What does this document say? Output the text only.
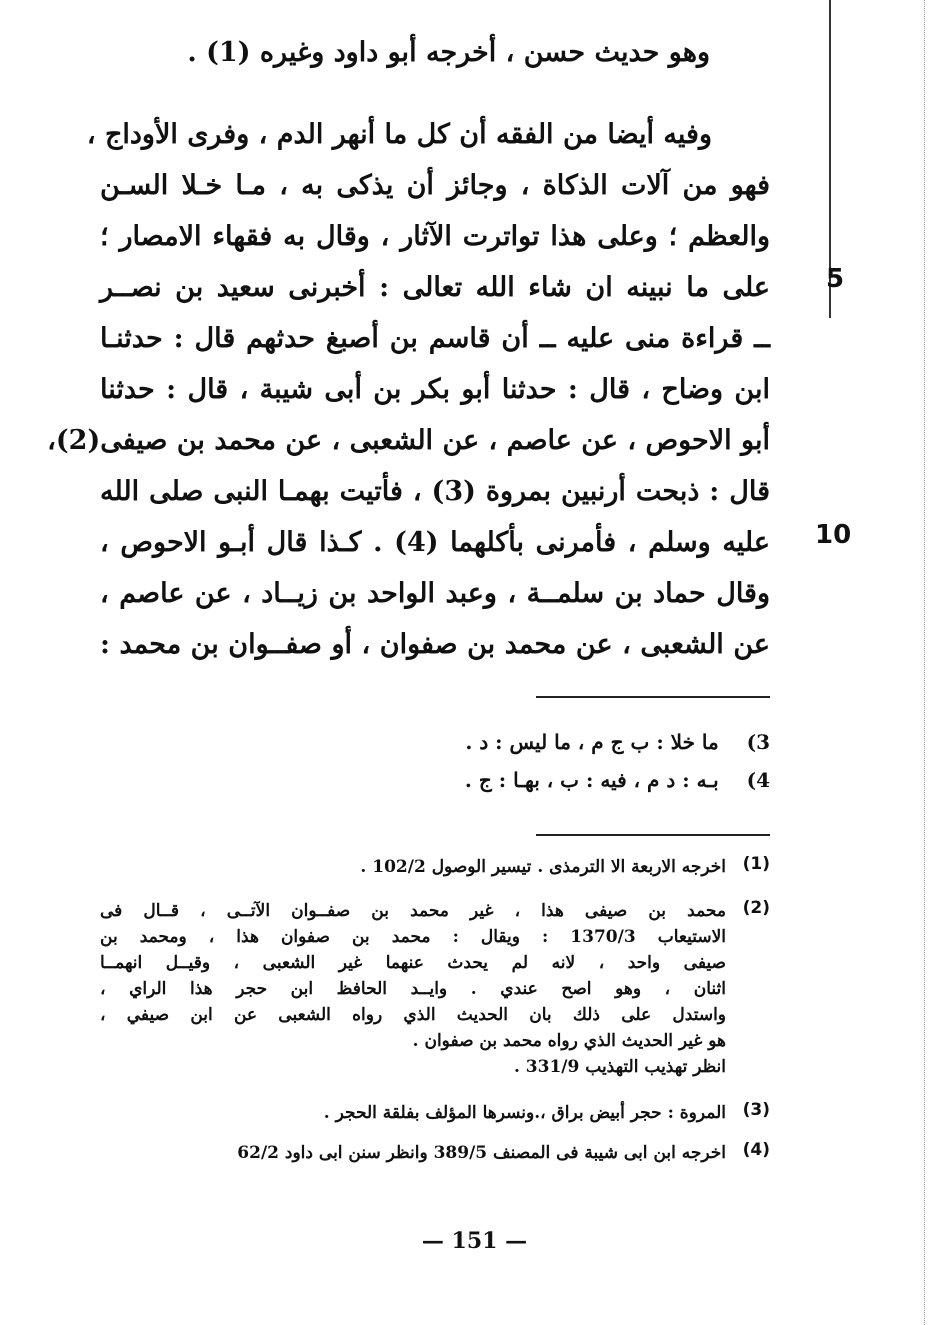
5
10
وهو حديث حسن ، أخرجه أبو داود وغيره (1) .
وفيه أيضا من الفقه أن كل ما أنهر الدم ، وفرى الأوداج ،
فهو من آلات الذكاة ، وجائز أن يذكى به ، مـا خـلا السـن
والعظم ؛ وعلى هذا تواترت الآثار ، وقال به فقهاء الامصار ؛
على ما نبينه ان شاء الله تعالى : أخبرنى سعيد بن نصــر
ــ قراءة منى عليه ــ أن قاسم بن أصبغ حدثهم قال : حدثنـا
ابن وضاح ، قال : حدثنا أبو بكر بن أبى شيبة ، قال : حدثنا
أبو الاحوص ، عن عاصم ، عن الشعبى ، عن محمد بن صيفى(2)،
قال : ذبحت أرنبين بمروة (3) ، فأتيت بهمـا النبى صلى الله
عليه وسلم ، فأمرنى بأكلهما (4) . كـذا قال أبـو الاحوص ،
وقال حماد بن سلمــة ، وعبد الواحد بن زيــاد ، عن عاصم ،
عن الشعبى ، عن محمد بن صفوان ، أو صفــوان بن محمد :
3)    ما خلا : ب ج م ، ما ليس : د .
4)    بـه : د م ، فيه : ب ، بهـا : ج .
(1)
اخرجه الاربعة الا الترمذى . تيسير الوصول 102/2 .
(2)
محمد بن صيفى هذا ، غير محمد بن صفــوان الآتــى ، قــال فى
الاستيعاب 1370/3 : ويقال : محمد بن صفوان هذا ، ومحمد بن
صيفى واحد ، لانه لم يحدث عنهما غير الشعبى ، وقيــل انهمــا
اثنان ، وهو اصح عندي . وايــد الحافظ ابن حجر هذا الراي ،
واستدل على ذلك بان الحديث الذي رواه الشعبى عن ابن صيفي ،
هو غير الحديث الذي رواه محمد بن صفوان .
انظر تهذيب التهذيب 331/9 .
(3)
المروة : حجر أبيض براق ،.ونسرها المؤلف بفلقة الحجر .
(4)
اخرجه ابن ابى شيبة فى المصنف 389/5 وانظر سنن ابى داود 62/2
— 151 —
